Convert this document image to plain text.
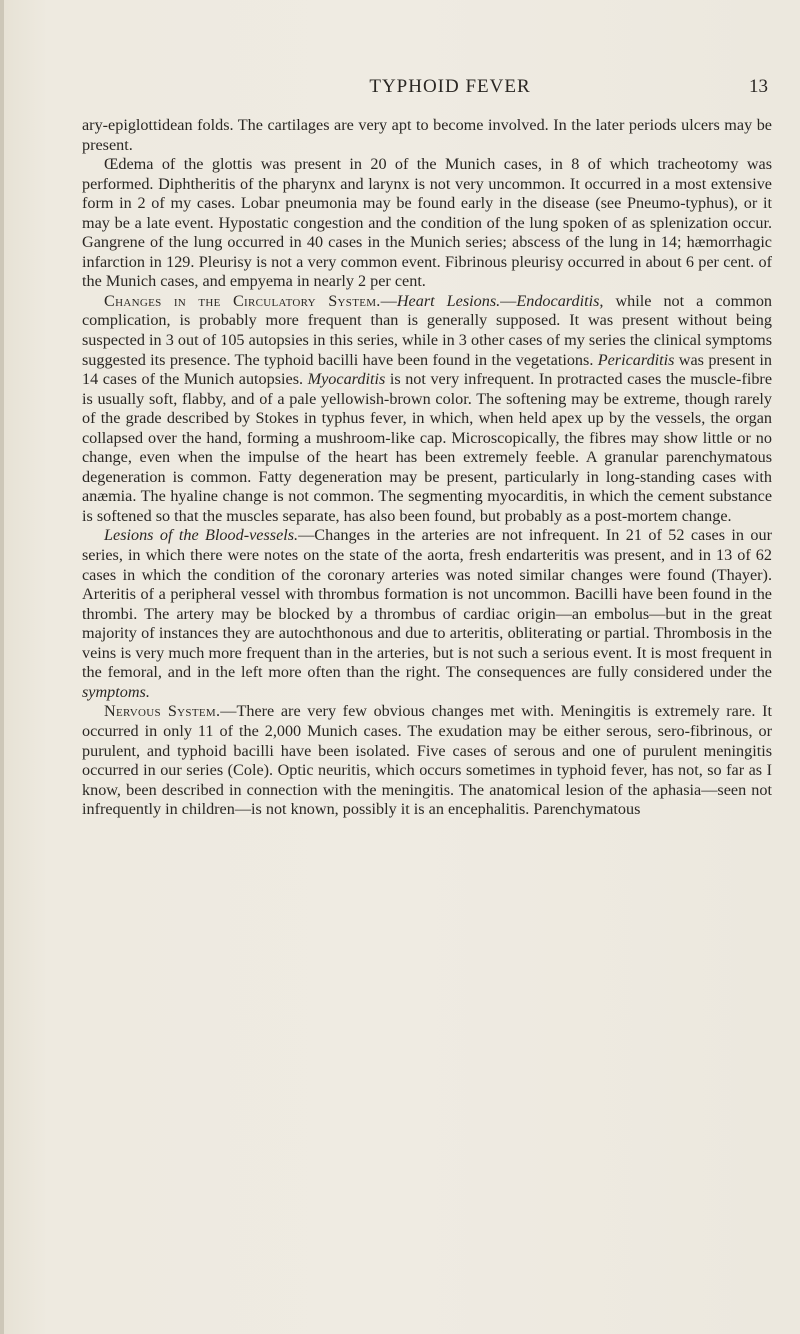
TYPHOID FEVER	13

ary-epiglottidean folds. The cartilages are very apt to become involved. In the later periods ulcers may be present.

Œdema of the glottis was present in 20 of the Munich cases, in 8 of which tracheotomy was performed. Diphtheritis of the pharynx and larynx is not very uncommon. It occurred in a most extensive form in 2 of my cases. Lobar pneumonia may be found early in the disease (see Pneumo-typhus), or it may be a late event. Hypostatic congestion and the condition of the lung spoken of as splenization occur. Gangrene of the lung occurred in 40 cases in the Munich series; abscess of the lung in 14; hæmorrhagic infarction in 129. Pleurisy is not a very common event. Fibrinous pleurisy occurred in about 6 per cent. of the Munich cases, and empyema in nearly 2 per cent.

Changes in the Circulatory System.—Heart Lesions.—Endocarditis, while not a common complication, is probably more frequent than is generally supposed. It was present without being suspected in 3 out of 105 autopsies in this series, while in 3 other cases of my series the clinical symptoms suggested its presence. The typhoid bacilli have been found in the vegetations. Pericarditis was present in 14 cases of the Munich autopsies. Myocarditis is not very infrequent. In protracted cases the muscle-fibre is usually soft, flabby, and of a pale yellowish-brown color. The softening may be extreme, though rarely of the grade described by Stokes in typhus fever, in which, when held apex up by the vessels, the organ collapsed over the hand, forming a mushroom-like cap. Microscopically, the fibres may show little or no change, even when the impulse of the heart has been extremely feeble. A granular parenchymatous degeneration is common. Fatty degeneration may be present, particularly in long-standing cases with anæmia. The hyaline change is not common. The segmenting myocarditis, in which the cement substance is softened so that the muscles separate, has also been found, but probably as a post-mortem change.

Lesions of the Blood-vessels.—Changes in the arteries are not infrequent. In 21 of 52 cases in our series, in which there were notes on the state of the aorta, fresh endarteritis was present, and in 13 of 62 cases in which the condition of the coronary arteries was noted similar changes were found (Thayer). Arteritis of a peripheral vessel with thrombus formation is not uncommon. Bacilli have been found in the thrombi. The artery may be blocked by a thrombus of cardiac origin—an embolus—but in the great majority of instances they are autochthonous and due to arteritis, obliterating or partial. Thrombosis in the veins is very much more frequent than in the arteries, but is not such a serious event. It is most frequent in the femoral, and in the left more often than the right. The consequences are fully considered under the symptoms.

Nervous System.—There are very few obvious changes met with. Meningitis is extremely rare. It occurred in only 11 of the 2,000 Munich cases. The exudation may be either serous, sero-fibrinous, or purulent, and typhoid bacilli have been isolated. Five cases of serous and one of purulent meningitis occurred in our series (Cole). Optic neuritis, which occurs sometimes in typhoid fever, has not, so far as I know, been described in connection with the meningitis. The anatomical lesion of the aphasia—seen not infrequently in children—is not known, possibly it is an encephalitis. Parenchymatous
